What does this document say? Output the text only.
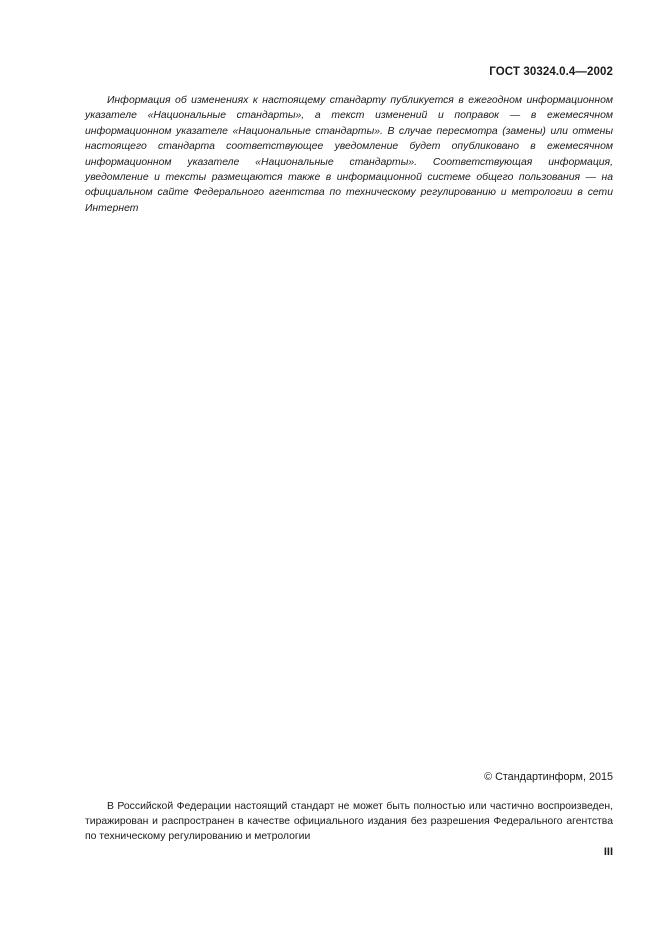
ГОСТ 30324.0.4—2002

Информация об изменениях к настоящему стандарту публикуется в ежегодном информационном указателе «Национальные стандарты», а текст изменений и поправок — в ежемесячном информационном указателе «Национальные стандарты». В случае пересмотра (замены) или отмены настоящего стандарта соответствующее уведомление будет опубликовано в ежемесячном информационном указателе «Национальные стандарты». Соответствующая информация, уведомление и тексты размещаются также в информационной системе общего пользования — на официальном сайте Федерального агентства по техническому регулированию и метрологии в сети Интернет

© Стандартинформ, 2015

В Российской Федерации настоящий стандарт не может быть полностью или частично воспроизведен, тиражирован и распространен в качестве официального издания без разрешения Федерального агентства по техническому регулированию и метрологии

III
